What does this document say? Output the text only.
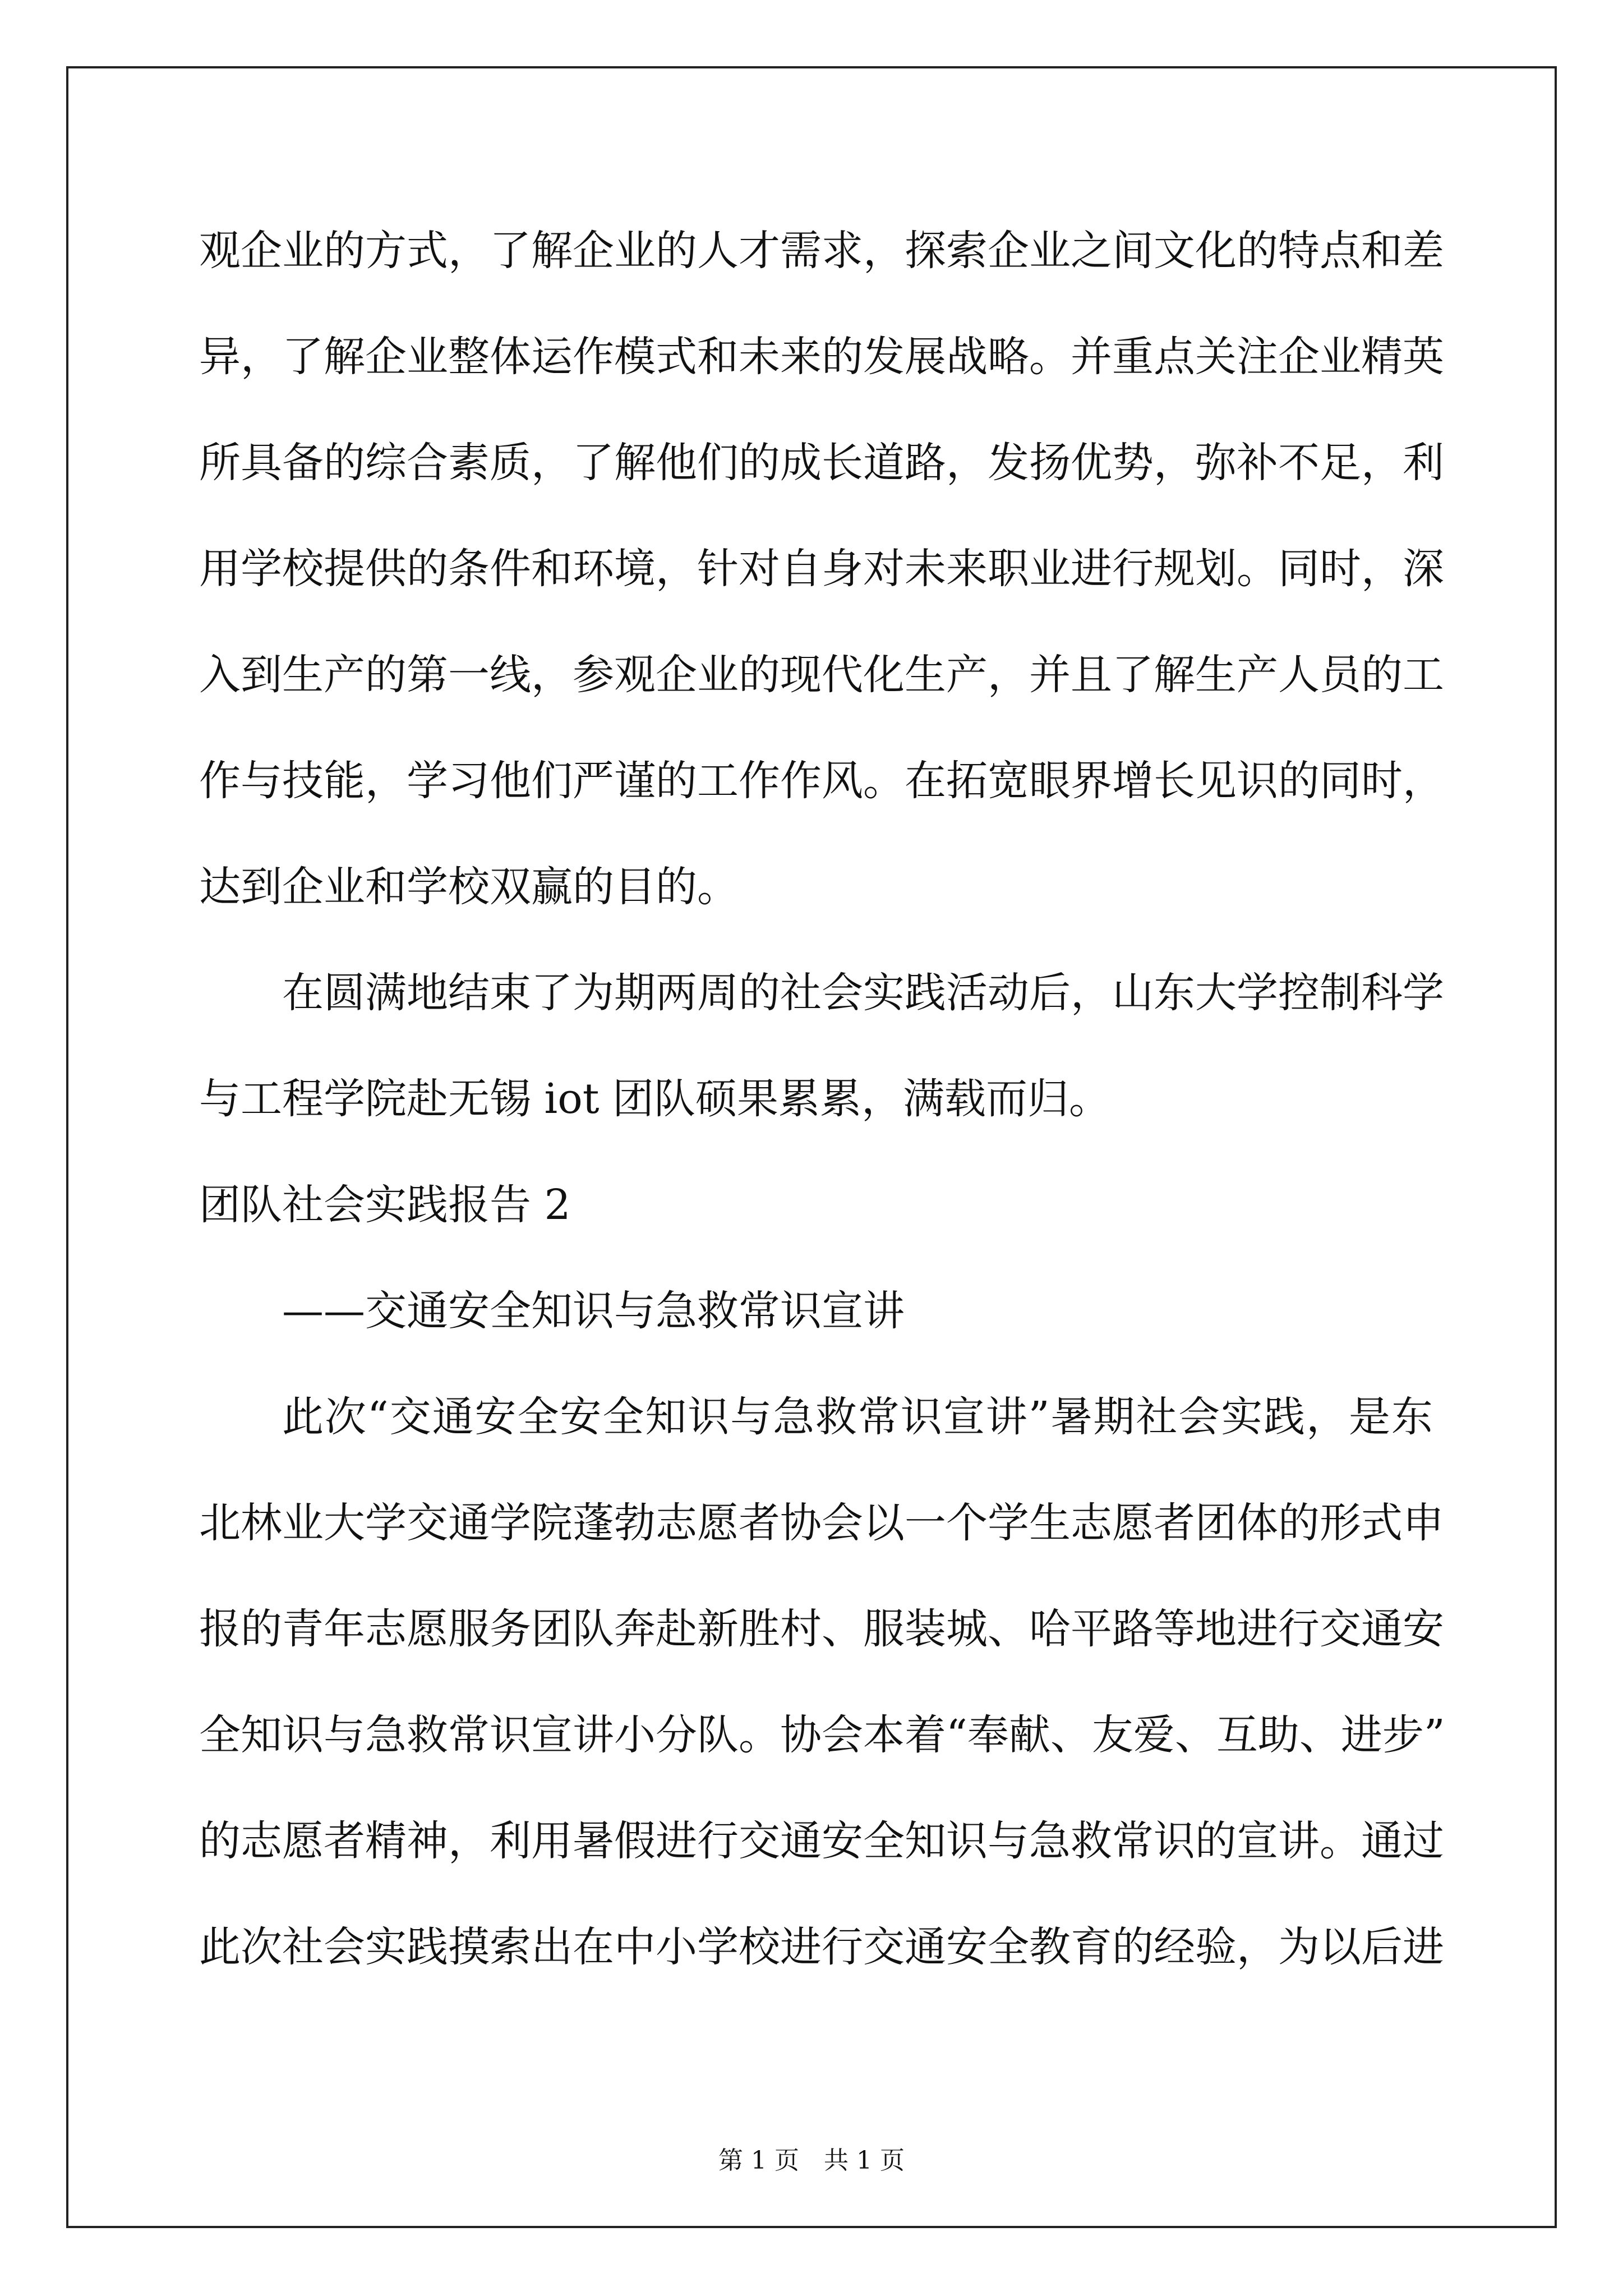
观企业的方式，了解企业的人才需求，探索企业之间文化的特点和差
异，了解企业整体运作模式和未来的发展战略。并重点关注企业精英
所具备的综合素质，了解他们的成长道路，发扬优势，弥补不足，利
用学校提供的条件和环境，针对自身对未来职业进行规划。同时，深
入到生产的第一线，参观企业的现代化生产，并且了解生产人员的工
作与技能，学习他们严谨的工作作风。在拓宽眼界增长见识的同时，
达到企业和学校双赢的目的。
在圆满地结束了为期两周的社会实践活动后，山东大学控制科学
与工程学院赴无锡 iot 团队硕果累累，满载而归。
团队社会实践报告 2
——交通安全知识与急救常识宣讲
此次“交通安全安全知识与急救常识宣讲”暑期社会实践，是东
北林业大学交通学院蓬勃志愿者协会以一个学生志愿者团体的形式申
报的青年志愿服务团队奔赴新胜村、服装城、哈平路等地进行交通安
全知识与急救常识宣讲小分队。协会本着“奉献、友爱、互助、进步”
的志愿者精神，利用暑假进行交通安全知识与急救常识的宣讲。通过
此次社会实践摸索出在中小学校进行交通安全教育的经验，为以后进
第 1 页　共 1 页
